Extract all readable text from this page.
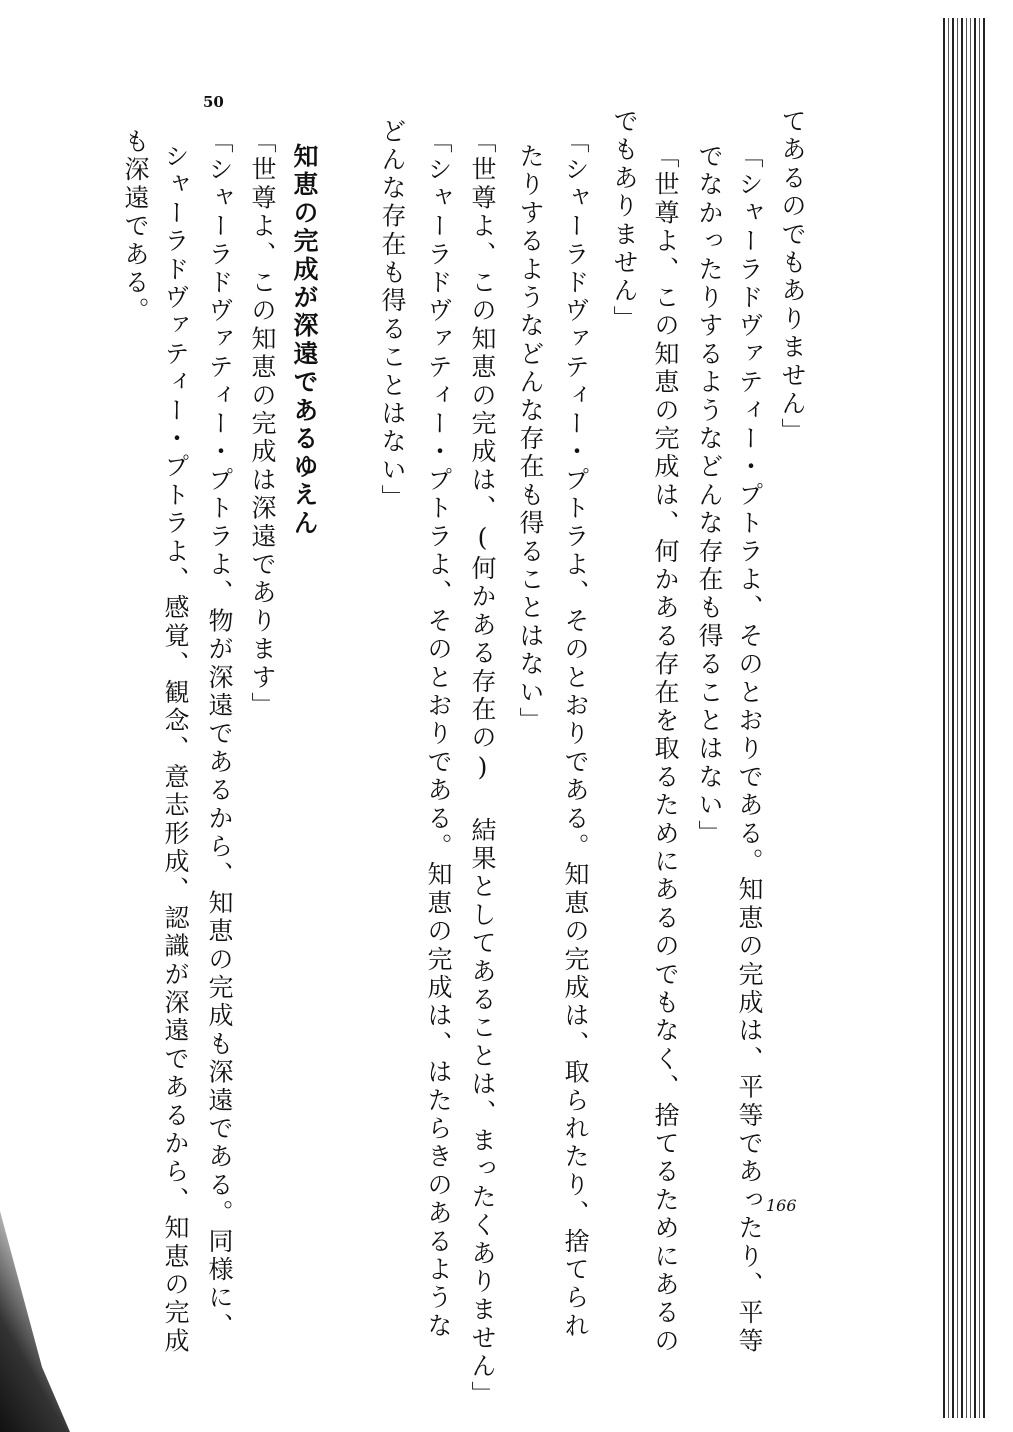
50
166
「シャーラドヴァティー・プトラよ、そのとおりである。知恵の完成は、平等であったり、平等 てあるのでもありません」
でなかったりするようなどんな存在も得ることはない」
「世尊よ、この知恵の完成は、何かある存在を取るためにあるのでもなく、捨てるためにあるの
でもありません」
「シャーラドヴァティー・プトラよ、そのとおりである。知恵の完成は、取られたり、捨てられ
たりするようなどんな存在も得ることはない」
「世尊よ、この知恵の完成は、(何かある存在の) 結果としてあることは、まったくありません」
「シャーラドヴァティー・プトラよ、そのとおりである。知恵の完成は、はたらきのあるような
どんな存在も得ることはない」
知恵の完成が深遠であるゆえん
「世尊よ、この知恵の完成は深遠であります」
「シャーラドヴァティー・プトラよ、物が深遠であるから、知恵の完成も深遠である。同様に、
シャーラドヴァティー・プトラよ、感覚、観念、意志形成、認識が深遠であるから、知恵の完成
も深遠である。
